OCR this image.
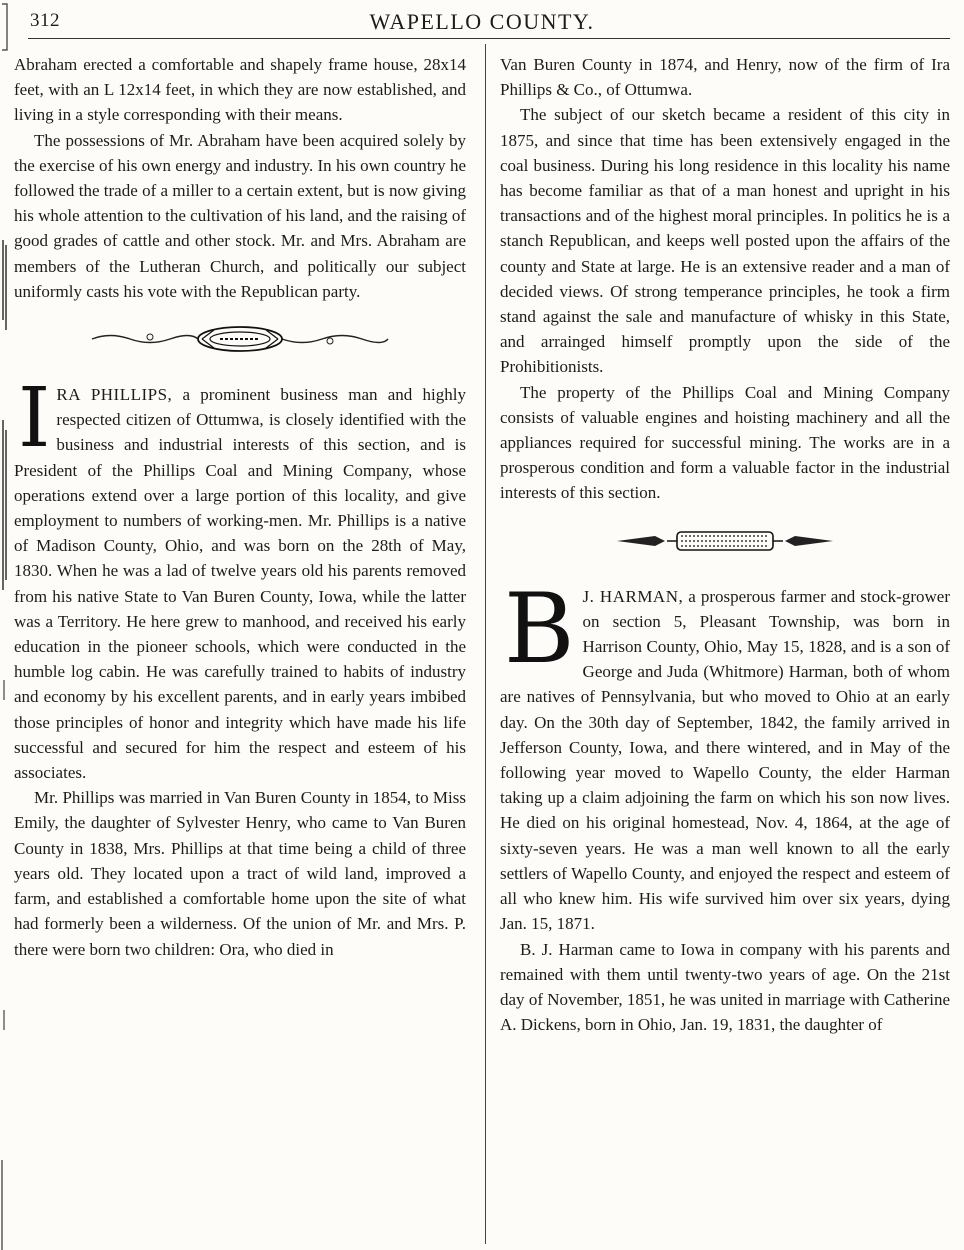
312	WAPELLO COUNTY.

Abraham erected a comfortable and shapely frame house, 28x14 feet, with an L 12x14 feet, in which they are now established, and living in a style corresponding with their means.

The possessions of Mr. Abraham have been acquired solely by the exercise of his own energy and industry. In his own country he followed the trade of a miller to a certain extent, but is now giving his whole attention to the cultivation of his land, and the raising of good grades of cattle and other stock. Mr. and Mrs. Abraham are members of the Lutheran Church, and politically our subject uniformly casts his vote with the Republican party.

IRA PHILLIPS, a prominent business man and highly respected citizen of Ottumwa, is closely identified with the business and industrial interests of this section, and is President of the Phillips Coal and Mining Company, whose operations extend over a large portion of this locality, and give employment to numbers of working-men. Mr. Phillips is a native of Madison County, Ohio, and was born on the 28th of May, 1830. When he was a lad of twelve years old his parents removed from his native State to Van Buren County, Iowa, while the latter was a Territory. He here grew to manhood, and received his early education in the pioneer schools, which were conducted in the humble log cabin. He was carefully trained to habits of industry and economy by his excellent parents, and in early years imbibed those principles of honor and integrity which have made his life successful and secured for him the respect and esteem of his associates.

Mr. Phillips was married in Van Buren County in 1854, to Miss Emily, the daughter of Sylvester Henry, who came to Van Buren County in 1838, Mrs. Phillips at that time being a child of three years old. They located upon a tract of wild land, improved a farm, and established a comfortable home upon the site of what had formerly been a wilderness. Of the union of Mr. and Mrs. P. there were born two children: Ora, who died in

Van Buren County in 1874, and Henry, now of the firm of Ira Phillips & Co., of Ottumwa.

The subject of our sketch became a resident of this city in 1875, and since that time has been extensively engaged in the coal business. During his long residence in this locality his name has become familiar as that of a man honest and upright in his transactions and of the highest moral principles. In politics he is a stanch Republican, and keeps well posted upon the affairs of the county and State at large. He is an extensive reader and a man of decided views. Of strong temperance principles, he took a firm stand against the sale and manufacture of whisky in this State, and arrainged himself promptly upon the side of the Prohibitionists.

The property of the Phillips Coal and Mining Company consists of valuable engines and hoisting machinery and all the appliances required for successful mining. The works are in a prosperous condition and form a valuable factor in the industrial interests of this section.

B J. HARMAN, a prosperous farmer and stock-grower on section 5, Pleasant Township, was born in Harrison County, Ohio, May 15, 1828, and is a son of George and Juda (Whitmore) Harman, both of whom are natives of Pennsylvania, but who moved to Ohio at an early day. On the 30th day of September, 1842, the family arrived in Jefferson County, Iowa, and there wintered, and in May of the following year moved to Wapello County, the elder Harman taking up a claim adjoining the farm on which his son now lives. He died on his original homestead, Nov. 4, 1864, at the age of sixty-seven years. He was a man well known to all the early settlers of Wapello County, and enjoyed the respect and esteem of all who knew him. His wife survived him over six years, dying Jan. 15, 1871.

B. J. Harman came to Iowa in company with his parents and remained with them until twenty-two years of age. On the 21st day of November, 1851, he was united in marriage with Catherine A. Dickens, born in Ohio, Jan. 19, 1831, the daughter of
